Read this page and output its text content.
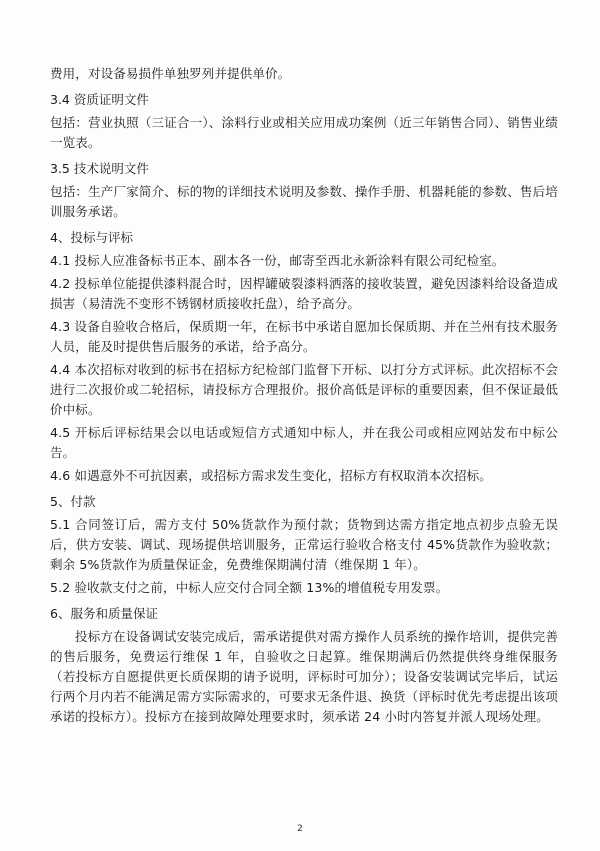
费用，对设备易损件单独罗列并提供单价。

3.4 资质证明文件

包括：营业执照（三证合一）、涂料行业或相关应用成功案例（近三年销售合同）、销售业绩一览表。

3.5 技术说明文件

包括：生产厂家简介、标的物的详细技术说明及参数、操作手册、机器耗能的参数、售后培训服务承诺。

4、投标与评标

4.1 投标人应准备标书正本、副本各一份，邮寄至西北永新涂料有限公司纪检室。

4.2 投标单位能提供漆料混合时，因桿罐破裂漆料洒落的接收装置，避免因漆料给设备造成损害（易清洗不变形不锈钢材质接收托盘），给予高分。

4.3 设备自验收合格后，保质期一年，在标书中承诺自愿加长保质期、并在兰州有技术服务人员，能及时提供售后服务的承诺，给予高分。

4.4 本次招标对收到的标书在招标方纪检部门监督下开标、以打分方式评标。此次招标不会进行二次报价或二轮招标，请投标方合理报价。报价高低是评标的重要因素，但不保证最低价中标。

4.5 开标后评标结果会以电话或短信方式通知中标人，并在我公司或相应网站发布中标公告。

4.6 如遇意外不可抗因素，或招标方需求发生变化，招标方有权取消本次招标。

5、付款

5.1 合同签订后，需方支付 50%货款作为预付款；货物到达需方指定地点初步点验无误后，供方安装、调试、现场提供培训服务，正常运行验收合格支付 45%货款作为验收款；剩余 5%货款作为质量保证金，免费维保期满付清（维保期 1 年）。

5.2 验收款支付之前，中标人应交付合同全额 13%的增值税专用发票。

6、服务和质量保证

投标方在设备调试安装完成后，需承诺提供对需方操作人员系统的操作培训，提供完善的售后服务，免费运行维保 1 年，自验收之日起算。维保期满后仍然提供终身维保服务（若投标方自愿提供更长质保期的请予说明，评标时可加分）；设备安装调试完毕后，试运行两个月内若不能满足需方实际需求的，可要求无条件退、换货（评标时优先考虑提出该项承诺的投标方）。投标方在接到故障处理要求时，须承诺 24 小时内答复并派人现场处理。

2
